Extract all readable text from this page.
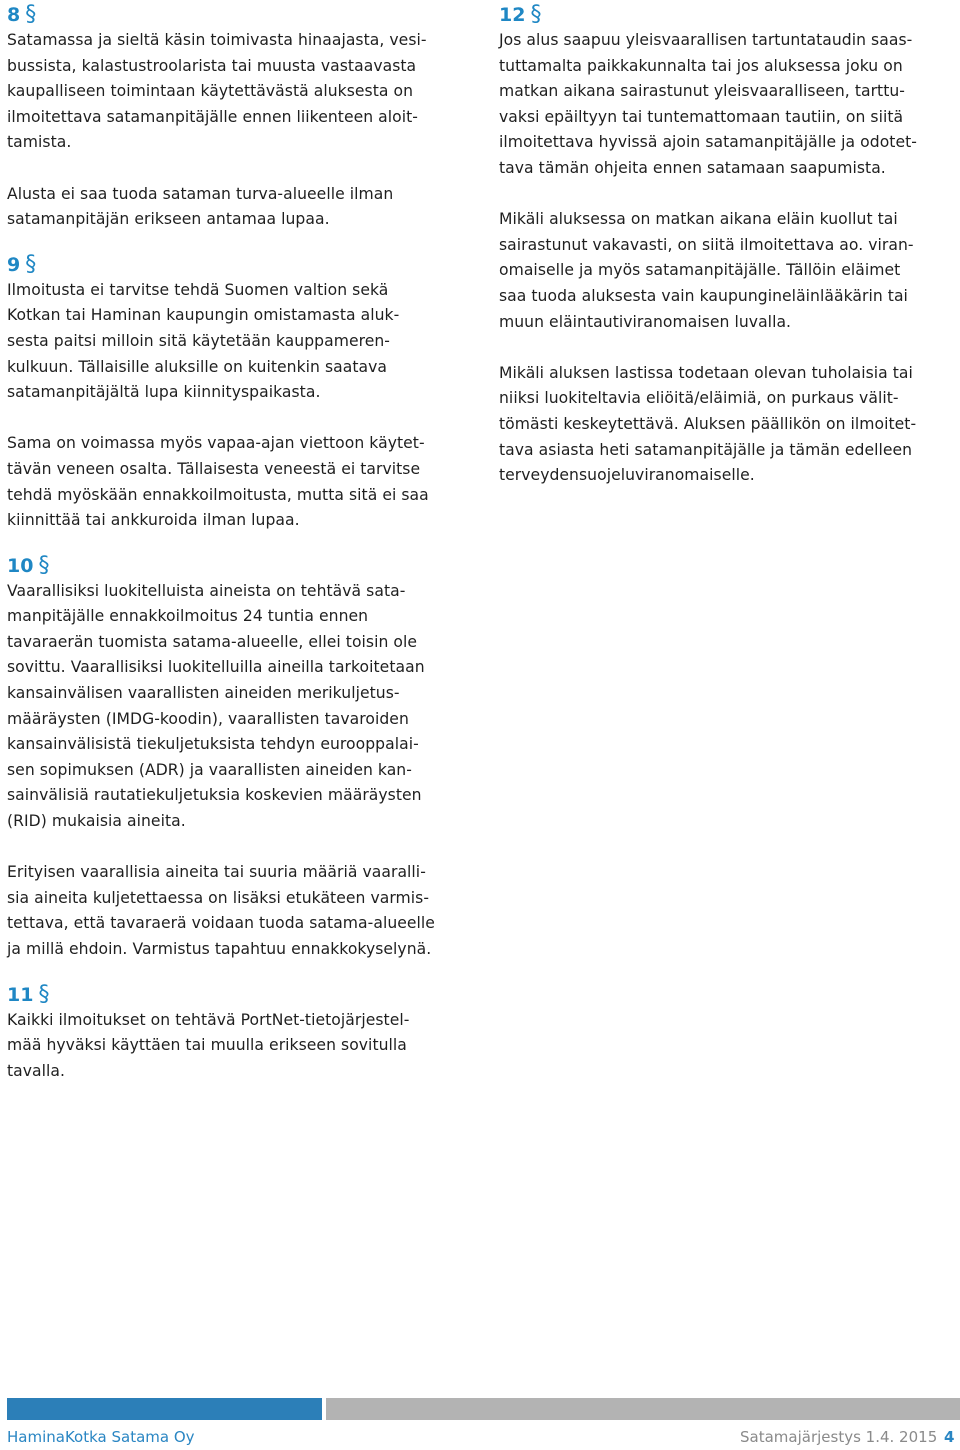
8 §

Satamassa ja sieltä käsin toimivasta hinaajasta, vesi-
bussista, kalastustroolarista tai muusta vastaavasta
kaupalliseen toimintaan käytettävästä aluksesta on
ilmoitettava satamanpitäjälle ennen liikenteen aloit-
tamista.

Alusta ei saa tuoda sataman turva-alueelle ilman
satamanpitäjän erikseen antamaa lupaa.

9 §

Ilmoitusta ei tarvitse tehdä Suomen valtion sekä
Kotkan tai Haminan kaupungin omistamasta aluk-
sesta paitsi milloin sitä käytetään kauppameren-
kulkuun. Tällaisille aluksille on kuitenkin saatava
satamanpitäjältä lupa kiinnityspaikasta.

Sama on voimassa myös vapaa-ajan viettoon käytet-
tävän veneen osalta. Tällaisesta veneestä ei tarvitse
tehdä myöskään ennakkoilmoitusta, mutta sitä ei saa
kiinnittää tai ankkuroida ilman lupaa.

10 §

Vaarallisiksi luokitelluista aineista on tehtävä sata-
manpitäjälle ennakkoilmoitus 24 tuntia ennen
tavaraerän tuomista satama-alueelle, ellei toisin ole
sovittu. Vaarallisiksi luokitelluilla aineilla tarkoitetaan
kansainvälisen vaarallisten aineiden merikuljetus-
määräysten (IMDG-koodin), vaarallisten tavaroiden
kansainvälisistä tiekuljetuksista tehdyn eurooppalai-
sen sopimuksen (ADR) ja vaarallisten aineiden kan-
sainvälisiä rautatiekuljetuksia koskevien määräysten
(RID) mukaisia aineita.

Erityisen vaarallisia aineita tai suuria määriä vaaralli-
sia aineita kuljetettaessa on lisäksi etukäteen varmis-
tettava, että tavaraerä voidaan tuoda satama-alueelle
ja millä ehdoin. Varmistus tapahtuu ennakkokyselynä.

11 §

Kaikki ilmoitukset on tehtävä PortNet-tietojärjestel-
mää hyväksi käyttäen tai muulla erikseen sovitulla
tavalla.

12 §

Jos alus saapuu yleisvaarallisen tartuntataudin saas-
tuttamalta paikkakunnalta tai jos aluksessa joku on
matkan aikana sairastunut yleisvaaralliseen, tarttu-
vaksi epäiltyyn tai tuntemattomaan tautiin, on siitä
ilmoitettava hyvissä ajoin satamanpitäjälle ja odotet-
tava tämän ohjeita ennen satamaan saapumista.

Mikäli aluksessa on matkan aikana eläin kuollut tai
sairastunut vakavasti, on siitä ilmoitettava ao. viran-
omaiselle ja myös satamanpitäjälle. Tällöin eläimet
saa tuoda aluksesta vain kaupungineläinlääkärin tai
muun eläintautiviranomaisen luvalla.

Mikäli aluksen lastissa todetaan olevan tuholaisia tai
niiksi luokiteltavia eliöitä/eläimiä, on purkaus välit-
tömästi keskeytettävä. Aluksen päällikön on ilmoitet-
tava asiasta heti satamanpitäjälle ja tämän edelleen
terveydensuojeluviranomaiselle.

HaminaKotka Satama Oy	Satamajärjestys 1.4. 2015 4
